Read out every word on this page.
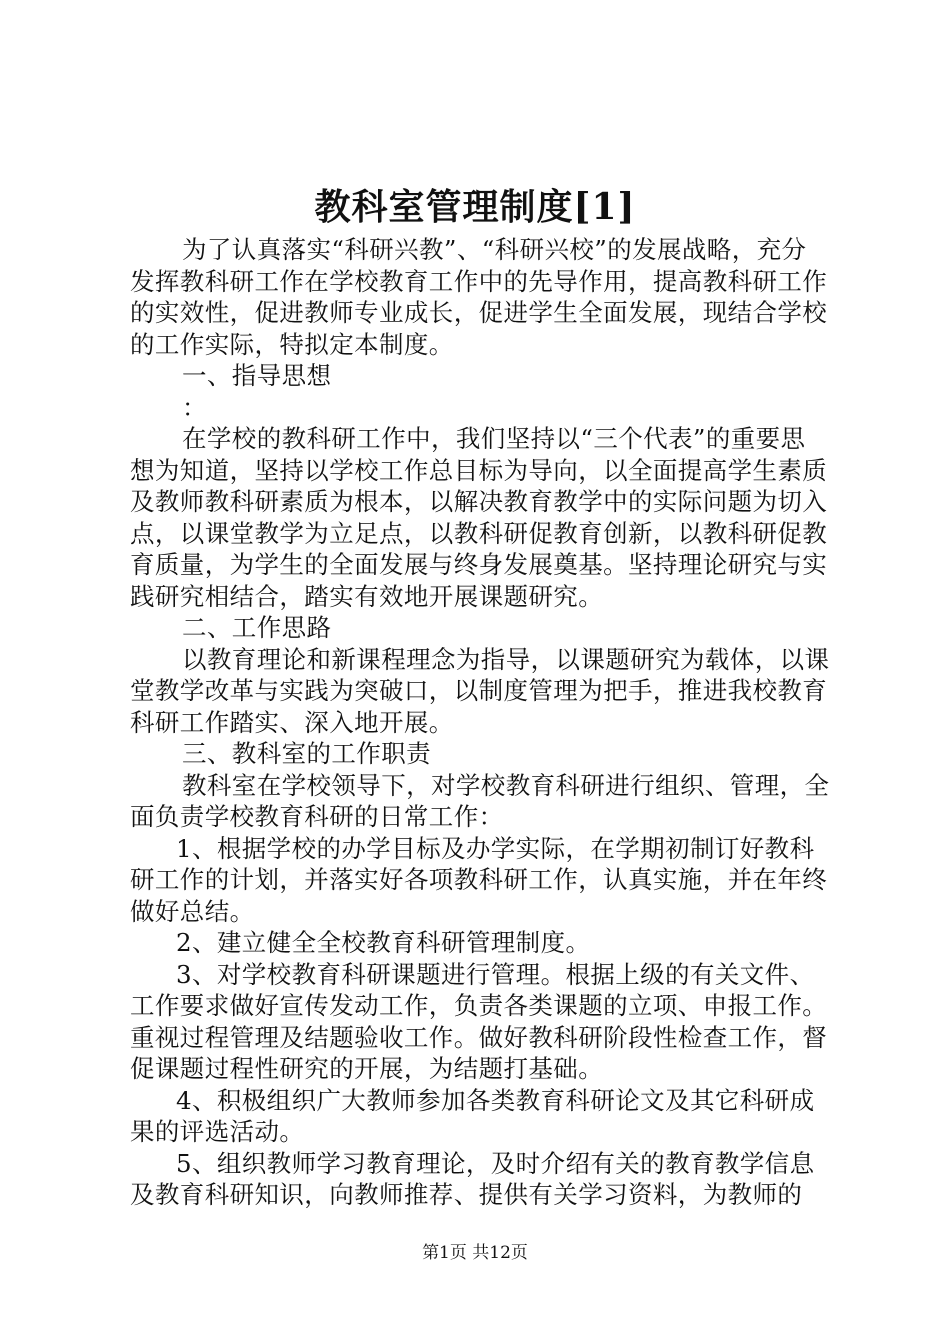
教科室管理制度[1]

为了认真落实“科研兴教”、“科研兴校”的发展战略，充分发挥教科研工作在学校教育工作中的先导作用，提高教科研工作的实效性，促进教师专业成长，促进学生全面发展，现结合学校的工作实际，特拟定本制度。

一、指导思想

：

在学校的教科研工作中，我们坚持以“三个代表”的重要思想为知道，坚持以学校工作总目标为导向，以全面提高学生素质及教师教科研素质为根本，以解决教育教学中的实际问题为切入点，以课堂教学为立足点，以教科研促教育创新，以教科研促教育质量，为学生的全面发展与终身发展奠基。坚持理论研究与实践研究相结合，踏实有效地开展课题研究。

二、工作思路

以教育理论和新课程理念为指导，以课题研究为载体，以课堂教学改革与实践为突破口，以制度管理为把手，推进我校教育科研工作踏实、深入地开展。

三、教科室的工作职责

教科室在学校领导下，对学校教育科研进行组织、管理，全面负责学校教育科研的日常工作：

1、根据学校的办学目标及办学实际，在学期初制订好教科研工作的计划，并落实好各项教科研工作，认真实施，并在年终做好总结。

2、建立健全全校教育科研管理制度。

3、对学校教育科研课题进行管理。根据上级的有关文件、工作要求做好宣传发动工作，负责各类课题的立项、申报工作。重视过程管理及结题验收工作。做好教科研阶段性检查工作，督促课题过程性研究的开展，为结题打基础。

4、积极组织广大教师参加各类教育科研论文及其它科研成果的评选活动。

5、组织教师学习教育理论，及时介绍有关的教育教学信息及教育科研知识，向教师推荐、提供有关学习资料，为教师的

第1页 共12页
